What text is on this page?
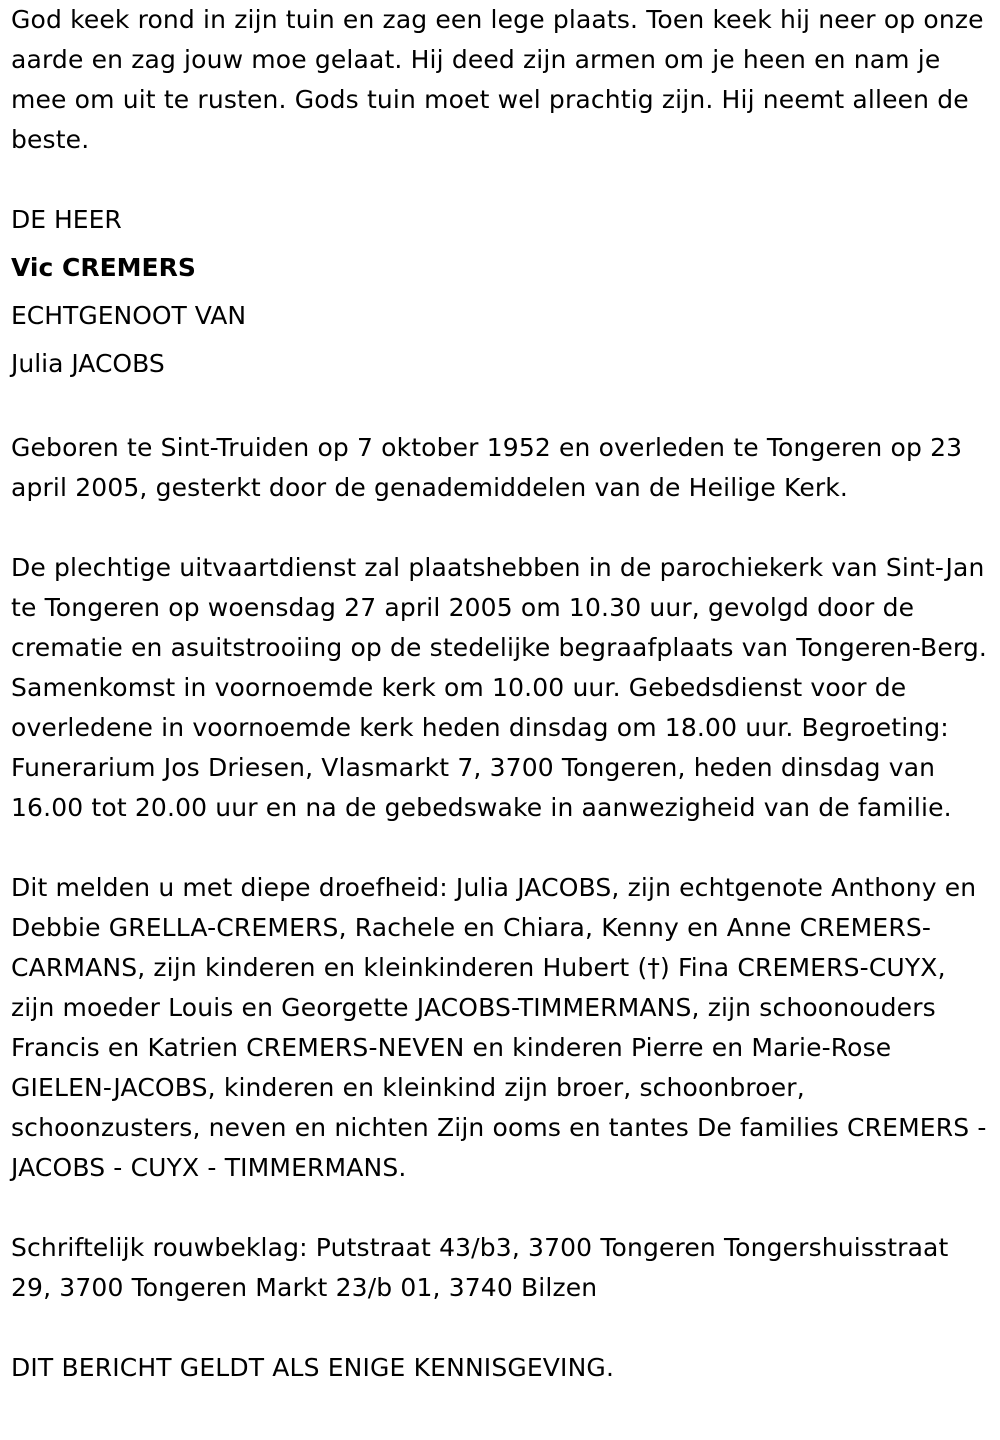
God keek rond in zijn tuin en zag een lege plaats. Toen keek hij neer op onze aarde en zag jouw moe gelaat. Hij deed zijn armen om je heen en nam je mee om uit te rusten. Gods tuin moet wel prachtig zijn. Hij neemt alleen de beste.

DE HEER
Vic CREMERS
ECHTGENOOT VAN
Julia JACOBS

Geboren te Sint-Truiden op 7 oktober 1952 en overleden te Tongeren op 23 april 2005, gesterkt door de genademiddelen van de Heilige Kerk.

De plechtige uitvaartdienst zal plaatshebben in de parochiekerk van Sint-Jan te Tongeren op woensdag 27 april 2005 om 10.30 uur, gevolgd door de crematie en asuitstrooiing op de stedelijke begraafplaats van Tongeren-Berg. Samenkomst in voornoemde kerk om 10.00 uur. Gebedsdienst voor de overledene in voornoemde kerk heden dinsdag om 18.00 uur. Begroeting: Funerarium Jos Driesen, Vlasmarkt 7, 3700 Tongeren, heden dinsdag van 16.00 tot 20.00 uur en na de gebedswake in aanwezigheid van de familie.

Dit melden u met diepe droefheid: Julia JACOBS, zijn echtgenote Anthony en Debbie GRELLA-CREMERS, Rachele en Chiara, Kenny en Anne CREMERS-CARMANS, zijn kinderen en kleinkinderen Hubert (†) Fina CREMERS-CUYX, zijn moeder Louis en Georgette JACOBS-TIMMERMANS, zijn schoonouders Francis en Katrien CREMERS-NEVEN en kinderen Pierre en Marie-Rose GIELEN-JACOBS, kinderen en kleinkind zijn broer, schoonbroer, schoonzusters, neven en nichten Zijn ooms en tantes De families CREMERS - JACOBS - CUYX - TIMMERMANS.

Schriftelijk rouwbeklag: Putstraat 43/b3, 3700 Tongeren Tongershuisstraat 29, 3700 Tongeren Markt 23/b 01, 3740 Bilzen

DIT BERICHT GELDT ALS ENIGE KENNISGEVING.
